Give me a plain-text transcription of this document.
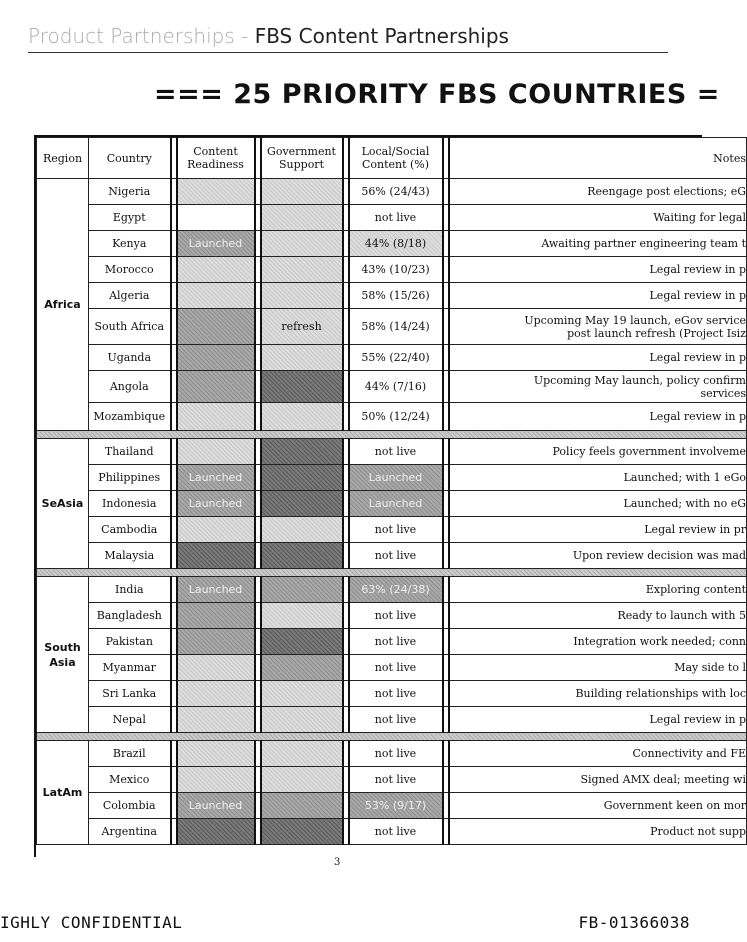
Product Partnerships - FBS Content Partnerships
=== 25 PRIORITY FBS COUNTRIES =
Region	Country		Content Readiness		Government Support		Local/Social Content (%)		Notes
Africa	Nigeria						56% (24/43)		Reengage post elections; eG
	Egypt						not live		Waiting for legal
	Kenya		Launched				44% (8/18)		Awaiting partner engineering team t
	Morocco						43% (10/23)		Legal review in p
	Algeria						58% (15/26)		Legal review in p
	South Africa				refresh		58% (14/24)		Upcoming May 19 launch, eGov service post launch refresh (Project Isiz

	Uganda						55% (22/40)		Legal review in p
	Angola						44% (7/16)		Upcoming May launch, policy confirm services

	Mozambique						50% (12/24)		Legal review in p

SeAsia	Thailand						not live		Policy feels government involveme
	Philippines		Launched				Launched		Launched; with 1 eGo
	Indonesia		Launched				Launched		Launched; with no eG
	Cambodia						not live		Legal review in pr
	Malaysia						not live		Upon review decision was mad

South Asia	India		Launched				63% (24/38)		Exploring content
	Bangladesh						not live		Ready to launch with 5
	Pakistan						not live		Integration work needed; conn
	Myanmar						not live		May side to l
	Sri Lanka						not live		Building relationships with loc
	Nepal						not live		Legal review in p

LatAm	Brazil						not live		Connectivity and FE
	Mexico						not live		Signed AMX deal; meeting wi
	Colombia		Launched				53% (9/17)		Government keen on mor
	Argentina						not live		Product not supp
3
IGHLY CONFIDENTIAL	FB-01366038
